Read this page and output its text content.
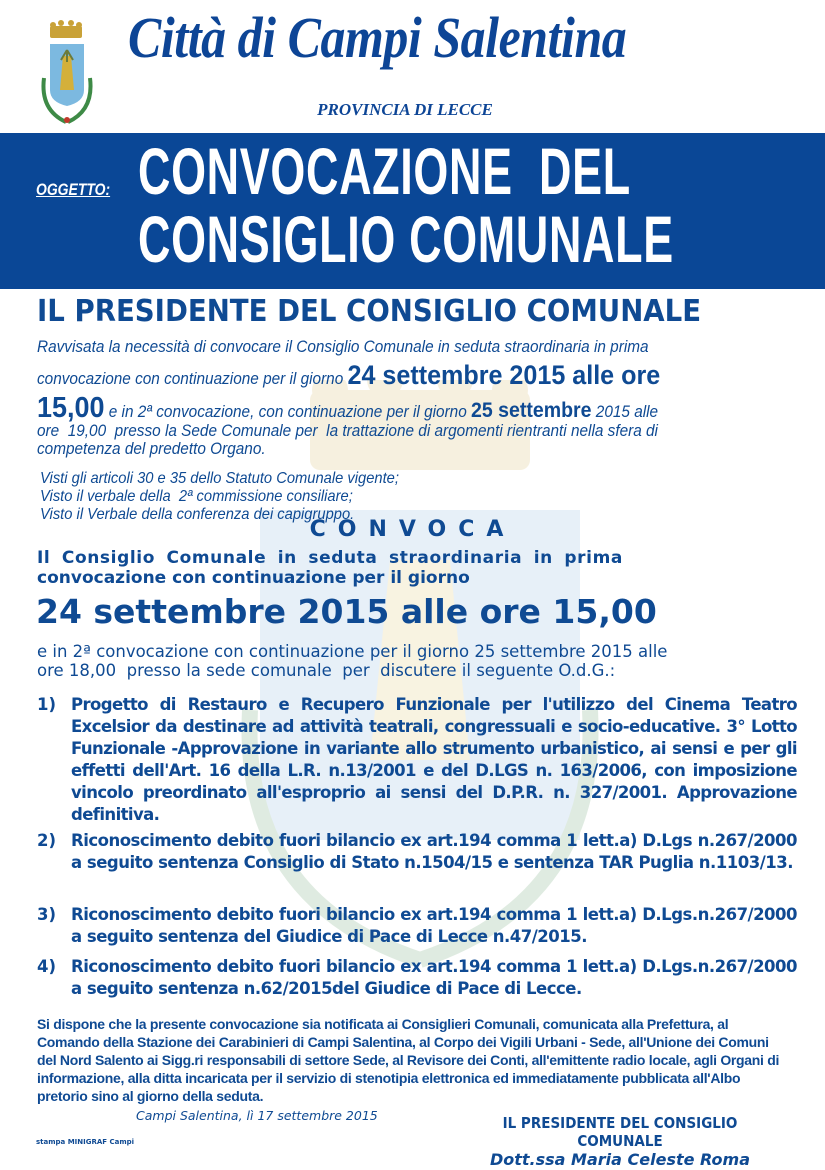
Città di Campi Salentina
PROVINCIA DI LECCE
OGGETTO: CONVOCAZIONE  DEL
CONSIGLIO COMUNALE
IL PRESIDENTE DEL CONSIGLIO COMUNALE
Ravvisata la necessità di convocare il Consiglio Comunale in seduta straordinaria in prima
convocazione con continuazione per il giorno 24 settembre 2015 alle ore
15,00 e in 2ª convocazione, con continuazione per il giorno 25 settembre 2015 alle
ore  19,00  presso la Sede Comunale per  la trattazione di argomenti rientranti nella sfera di
competenza del predetto Organo.
Visti gli articoli 30 e 35 dello Statuto Comunale vigente;
Visto il verbale della  2ª commissione consiliare;
Visto il Verbale della conferenza dei capigruppo.
CONVOCA
Il Consiglio Comunale in seduta straordinaria in prima
convocazione con continuazione per il giorno
24 settembre 2015 alle ore 15,00
e in 2ª convocazione con continuazione per il giorno 25 settembre 2015 alle
ore 18,00  presso la sede comunale  per  discutere il seguente O.d.G.:
1) Progetto di Restauro e Recupero Funzionale per l'utilizzo del Cinema Teatro Excelsior da destinare ad attività teatrali, congressuali e socio-educative. 3° Lotto Funzionale -Approvazione in variante allo strumento urbanistico, ai sensi e per gli effetti dell'Art. 16 della L.R. n.13/2001 e del D.LGS n. 163/2006, con imposizione vincolo preordinato all'esproprio ai sensi del D.P.R. n. 327/2001. Approvazione definitiva.
2) Riconoscimento debito fuori bilancio ex art.194 comma 1 lett.a) D.Lgs n.267/2000 a seguito sentenza Consiglio di Stato n.1504/15 e sentenza TAR Puglia n.1103/13.
3) Riconoscimento debito fuori bilancio ex art.194 comma 1 lett.a) D.Lgs.n.267/2000 a seguito sentenza del Giudice di Pace di Lecce n.47/2015.
4) Riconoscimento debito fuori bilancio ex art.194 comma 1 lett.a) D.Lgs.n.267/2000 a seguito sentenza n.62/2015del Giudice di Pace di Lecce.
Si dispone che la presente convocazione sia notificata ai Consiglieri Comunali, comunicata alla Prefettura, al Comando della Stazione dei Carabinieri di Campi Salentina, al Corpo dei Vigili Urbani - Sede, all'Unione dei Comuni del Nord Salento ai Sigg.ri responsabili di settore Sede, al Revisore dei Conti, all'emittente radio locale, agli Organi di informazione, alla ditta incaricata per il servizio di stenotipia elettronica ed immediatamente pubblicata all'Albo pretorio sino al giorno della seduta.
Campi Salentina, lì 17 settembre 2015
stampa MINIGRAF Campi
IL PRESIDENTE DEL CONSIGLIO COMUNALE
Dott.ssa Maria Celeste Roma
